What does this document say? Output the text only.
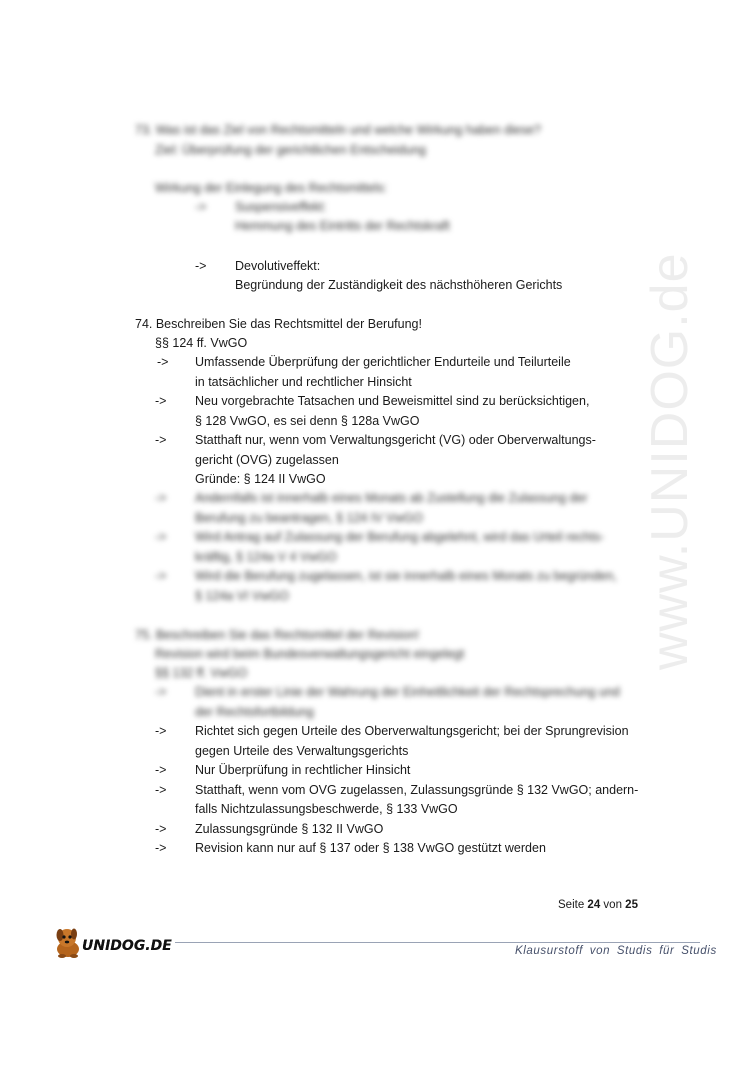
www.UNIDOG.de
73. Was ist das Ziel von Rechtsmitteln und welche Wirkung haben diese?
Ziel: Überprüfung der gerichtlichen Entscheidung
Wirkung der Einlegung des Rechtsmittels:
-> Suspensiveffekt:
Hemmung des Eintritts der Rechtskraft
-> Devolutiveffekt:
Begründung der Zuständigkeit des nächsthöheren Gerichts
74. Beschreiben Sie das Rechtsmittel der Berufung!
§§ 124 ff. VwGO
-> Umfassende Überprüfung der gerichtlicher Endurteile und Teilurteile
in tatsächlicher und rechtlicher Hinsicht
-> Neu vorgebrachte Tatsachen und Beweismittel sind zu berücksichtigen,
§ 128 VwGO, es sei denn § 128a VwGO
-> Statthaft nur, wenn vom Verwaltungsgericht (VG) oder Oberverwaltungs-
gericht (OVG) zugelassen
Gründe: § 124 II VwGO
-> Andernfalls ist innerhalb eines Monats ab Zustellung die Zulassung der
Berufung zu beantragen, § 124 IV VwGO
-> Wird Antrag auf Zulassung der Berufung abgelehnt, wird das Urteil rechts-
kräftig, § 124a V 4 VwGO
-> Wird die Berufung zugelassen, ist sie innerhalb eines Monats zu begründen,
§ 124a VI VwGO
75. Beschreiben Sie das Rechtsmittel der Revision!
Revision wird beim Bundesverwaltungsgericht eingelegt
§§ 132 ff. VwGO
-> Dient in erster Linie der Wahrung der Einheitlichkeit der Rechtsprechung und
der Rechtsfortbildung
-> Richtet sich gegen Urteile des Oberverwaltungsgericht; bei der Sprungrevision
gegen Urteile des Verwaltungsgerichts
-> Nur Überprüfung in rechtlicher Hinsicht
-> Statthaft, wenn vom OVG zugelassen, Zulassungsgründe § 132 VwGO; andern-
falls Nichtzulassungsbeschwerde, § 133 VwGO
-> Zulassungsgründe § 132 II VwGO
-> Revision kann nur auf § 137 oder § 138 VwGO gestützt werden
Seite 24 von 25
UNIDOG.DE	Klausurstoff von Studis für Studis
